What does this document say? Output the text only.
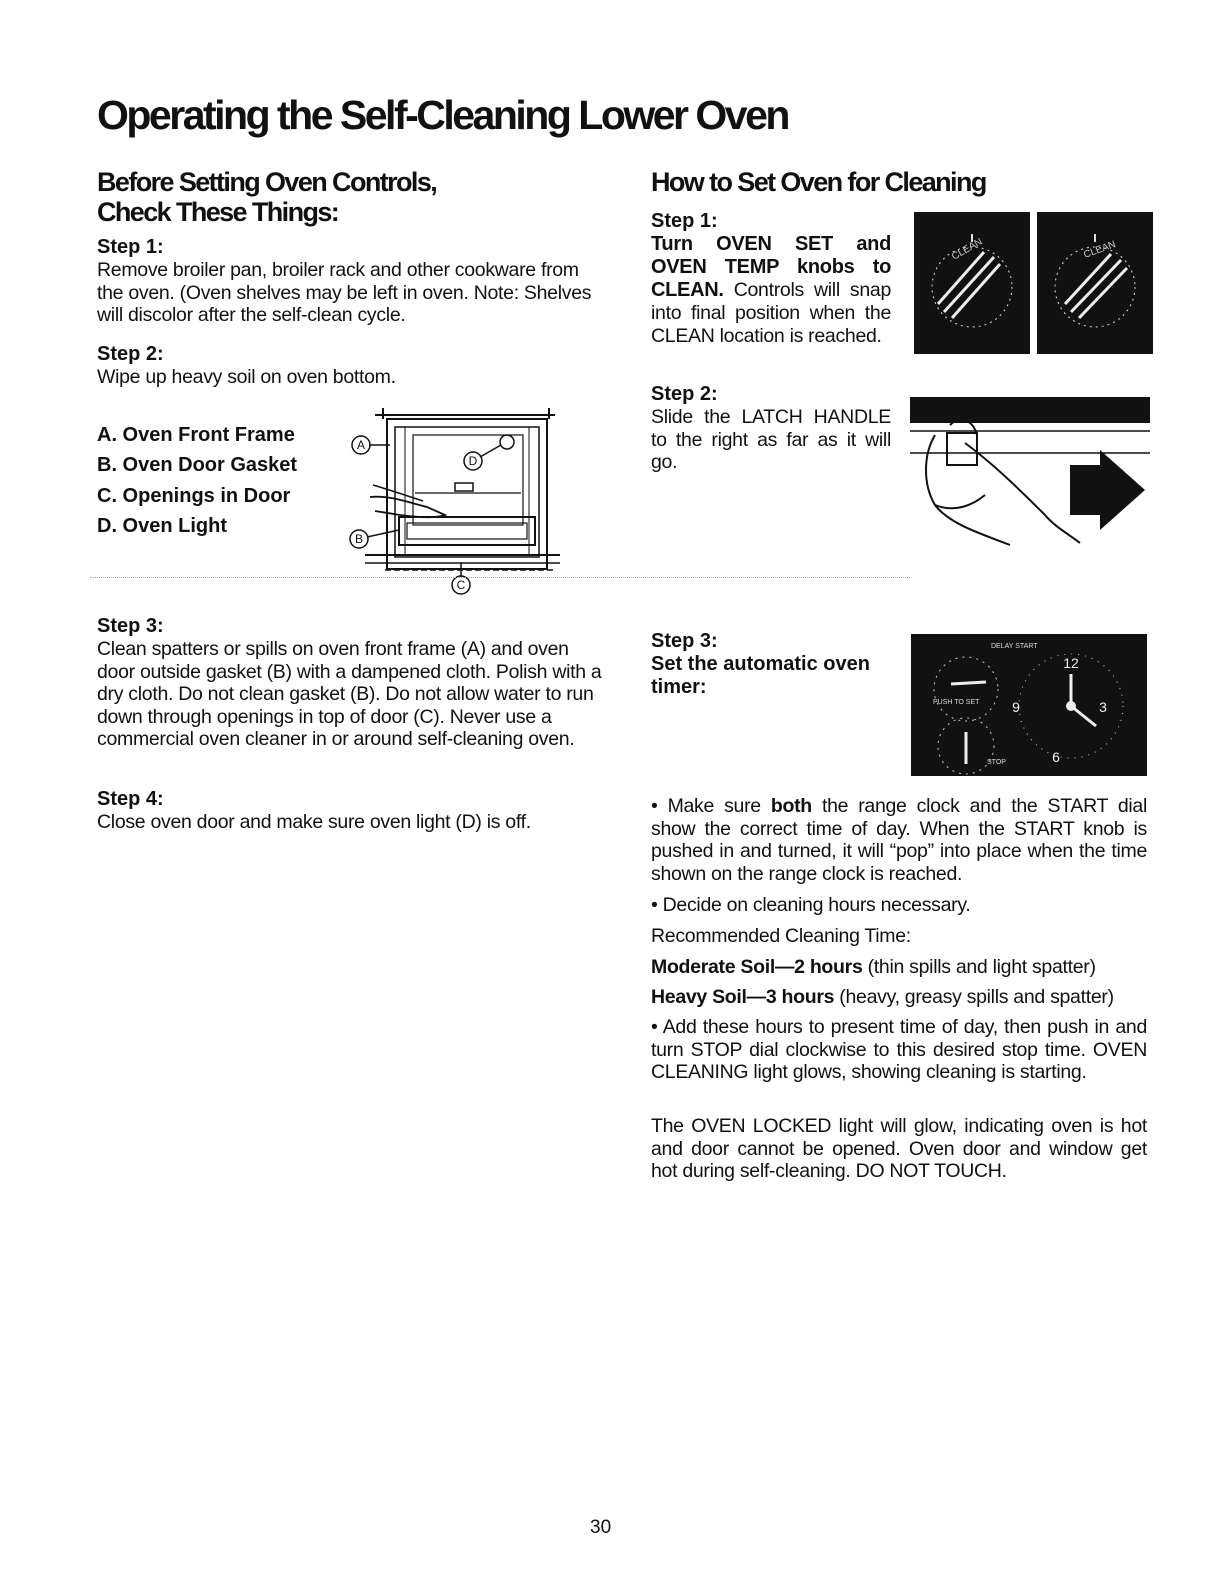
Operating the Self-Cleaning Lower Oven
Before Setting Oven Controls,
Check These Things:
Step 1:
Remove broiler pan, broiler rack and other cookware from the oven. (Oven shelves may be left in oven. Note: Shelves will discolor after the self-clean cycle.
Step 2:
Wipe up heavy soil on oven bottom.
A. Oven Front Frame
B. Oven Door Gasket
C. Openings in Door
D. Oven Light
A
B
C
D
Step 3:
Clean spatters or spills on oven front frame (A) and oven door outside gasket (B) with a dampened cloth. Polish with a dry cloth. Do not clean gasket (B). Do not allow water to run down through openings in top of door (C). Never use a commercial oven cleaner in or around self-cleaning oven.
Step 4:
Close oven door and make sure oven light (D) is off.
How to Set Oven for Cleaning
Step 1:
Turn OVEN SET and OVEN TEMP knobs to CLEAN. Controls will snap into final position when the CLEAN location is reached.
CLEAN	CLEAN
Step 2:
Slide the LATCH HANDLE to the right as far as it will go.
Step 3:
Set the automatic oven timer:
DELAY START
PUSH TO SET
STOP
12
3
6
9
• Make sure both the range clock and the START dial show the correct time of day. When the START knob is pushed in and turned, it will “pop” into place when the time shown on the range clock is reached.
• Decide on cleaning hours necessary.
Recommended Cleaning Time:
Moderate Soil—2 hours (thin spills and light spatter)
Heavy Soil—3 hours (heavy, greasy spills and spatter)
• Add these hours to present time of day, then push in and turn STOP dial clockwise to this desired stop time. OVEN CLEANING light glows, showing cleaning is starting.
The OVEN LOCKED light will glow, indicating oven is hot and door cannot be opened. Oven door and window get hot during self-cleaning. DO NOT TOUCH.
30
